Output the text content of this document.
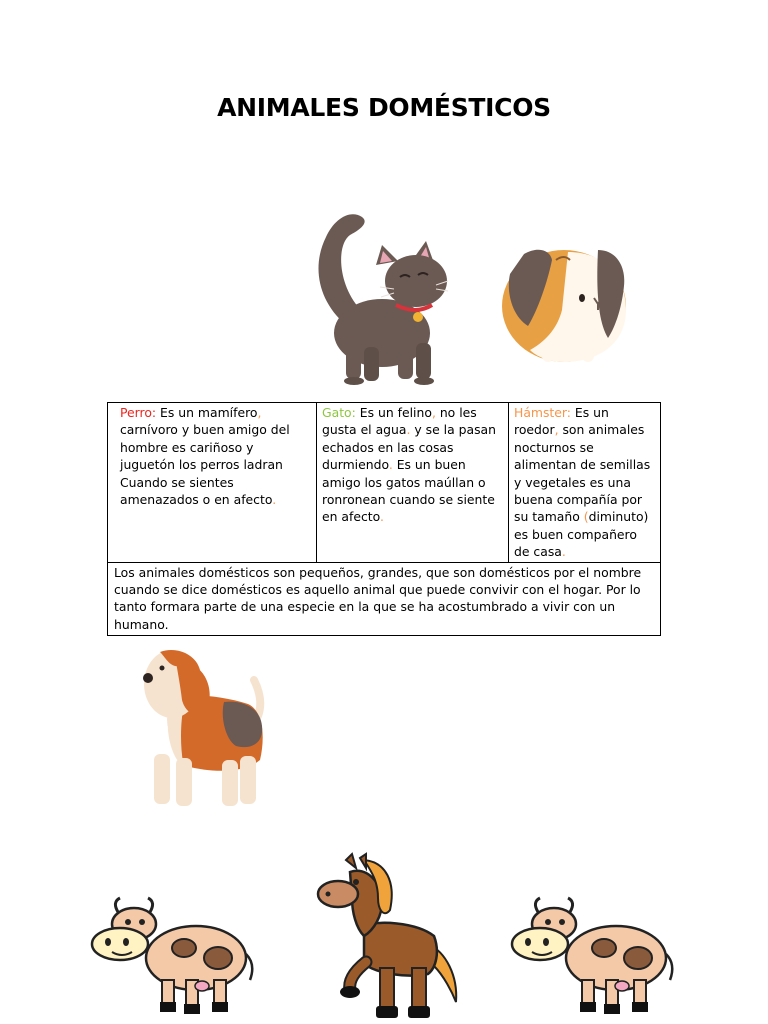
ANIMALES DOMÉSTICOS
Perro: Es un mamífero, carnívoro y buen amigo del hombre es cariñoso y juguetón los perros ladran Cuando se sientes amenazados o en afecto.	Gato: Es un felino, no les gusta el agua. y se la pasan echados en las cosas durmiendo. Es un buen amigo los gatos maúllan o ronronean cuando se siente en afecto.	Hámster: Es un roedor, son animales nocturnos se alimentan de semillas y vegetales es una buena compañía por su tamaño (diminuto) es buen compañero de casa.
Los animales domésticos son pequeños, grandes, que son domésticos por el nombre cuando se dice domésticos es aquello animal que puede convivir con el hogar. Por lo tanto formara parte de una especie en la que se ha acostumbrado a vivir con un humano.
